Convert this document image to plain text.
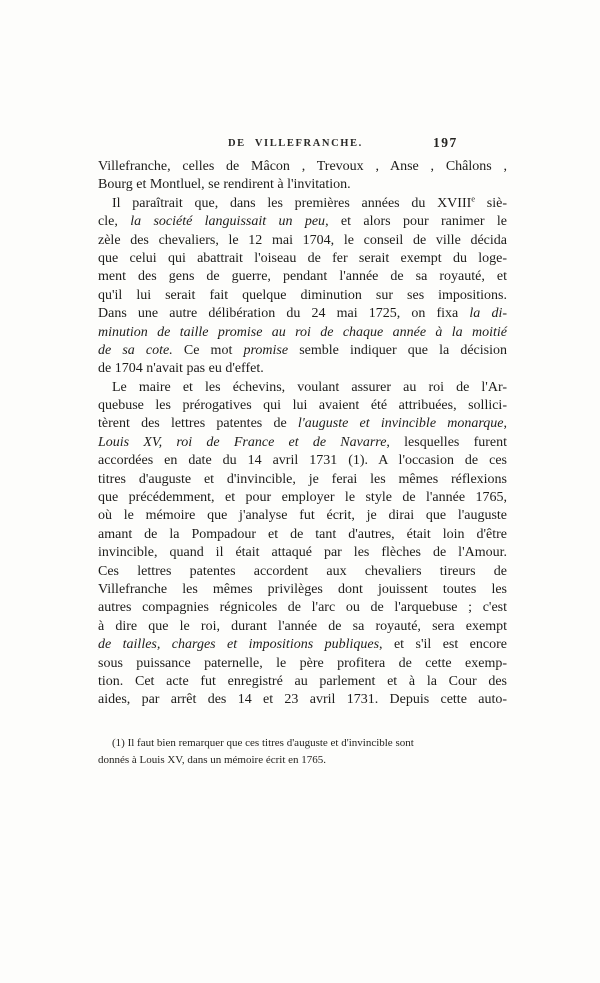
DE VILLEFRANCHE.	197
Villefranche, celles de Mâcon , Trevoux , Anse , Châlons ,
Bourg et Montluel, se rendirent à l'invitation.
Il paraîtrait que, dans les premières années du XVIIIe siè-
cle, la société languissait un peu, et alors pour ranimer le
zèle des chevaliers, le 12 mai 1704, le conseil de ville décida
que celui qui abattrait l'oiseau de fer serait exempt du loge-
ment des gens de guerre, pendant l'année de sa royauté, et
qu'il lui serait fait quelque diminution sur ses impositions.
Dans une autre délibération du 24 mai 1725, on fixa la di-
minution de taille promise au roi de chaque année à la moitié
de sa cote. Ce mot promise semble indiquer que la décision
de 1704 n'avait pas eu d'effet.
Le maire et les échevins, voulant assurer au roi de l'Ar-
quebuse les prérogatives qui lui avaient été attribuées, sollici-
tèrent des lettres patentes de l'auguste et invincible monarque,
Louis XV, roi de France et de Navarre, lesquelles furent
accordées en date du 14 avril 1731 (1). A l'occasion de ces
titres d'auguste et d'invincible, je ferai les mêmes réflexions
que précédemment, et pour employer le style de l'année 1765,
où le mémoire que j'analyse fut écrit, je dirai que l'auguste
amant de la Pompadour et de tant d'autres, était loin d'être
invincible, quand il était attaqué par les flèches de l'Amour.
Ces lettres patentes accordent aux chevaliers tireurs de
Villefranche les mêmes privilèges dont jouissent toutes les
autres compagnies régnicoles de l'arc ou de l'arquebuse ; c'est
à dire que le roi, durant l'année de sa royauté, sera exempt
de tailles, charges et impositions publiques, et s'il est encore
sous puissance paternelle, le père profitera de cette exemp-
tion. Cet acte fut enregistré au parlement et à la Cour des
aides, par arrêt des 14 et 23 avril 1731. Depuis cette auto-
(1) Il faut bien remarquer que ces titres d'auguste et d'invincible sont
donnés à Louis XV, dans un mémoire écrit en 1765.
